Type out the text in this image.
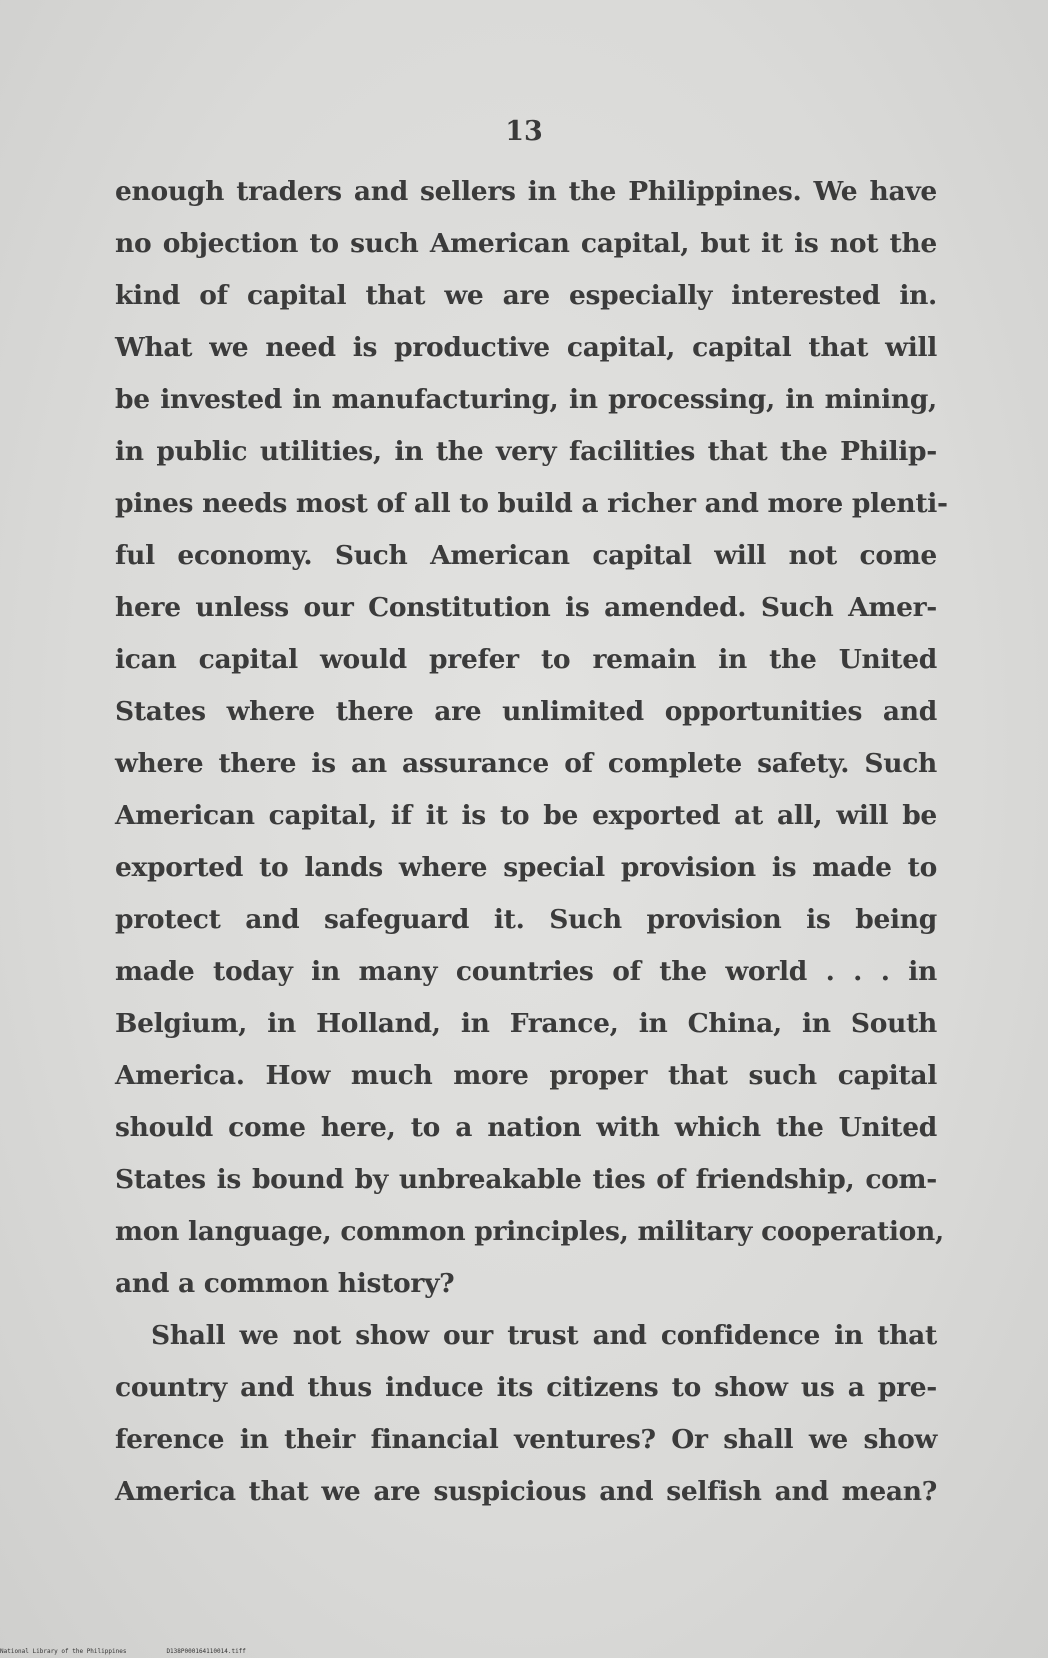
13
enough traders and sellers in the Philippines. We have
no objection to such American capital, but it is not the
kind of capital that we are especially interested in.
What we need is productive capital, capital that will
be invested in manufacturing, in processing, in mining,
in public utilities, in the very facilities that the Philip-
pines needs most of all to build a richer and more plenti-
ful economy. Such American capital will not come
here unless our Constitution is amended. Such Amer-
ican capital would prefer to remain in the United
States where there are unlimited opportunities and
where there is an assurance of complete safety. Such
American capital, if it is to be exported at all, will be
exported to lands where special provision is made to
protect and safeguard it. Such provision is being
made today in many countries of the world . . . in
Belgium, in Holland, in France, in China, in South
America. How much more proper that such capital
should come here, to a nation with which the United
States is bound by unbreakable ties of friendship, com-
mon language, common principles, military cooperation,
and a common history?
Shall we not show our trust and confidence in that
country and thus induce its citizens to show us a pre-
ference in their financial ventures? Or shall we show
America that we are suspicious and selfish and mean?
National Library of the Philippines	D138P000164110014.tiff
